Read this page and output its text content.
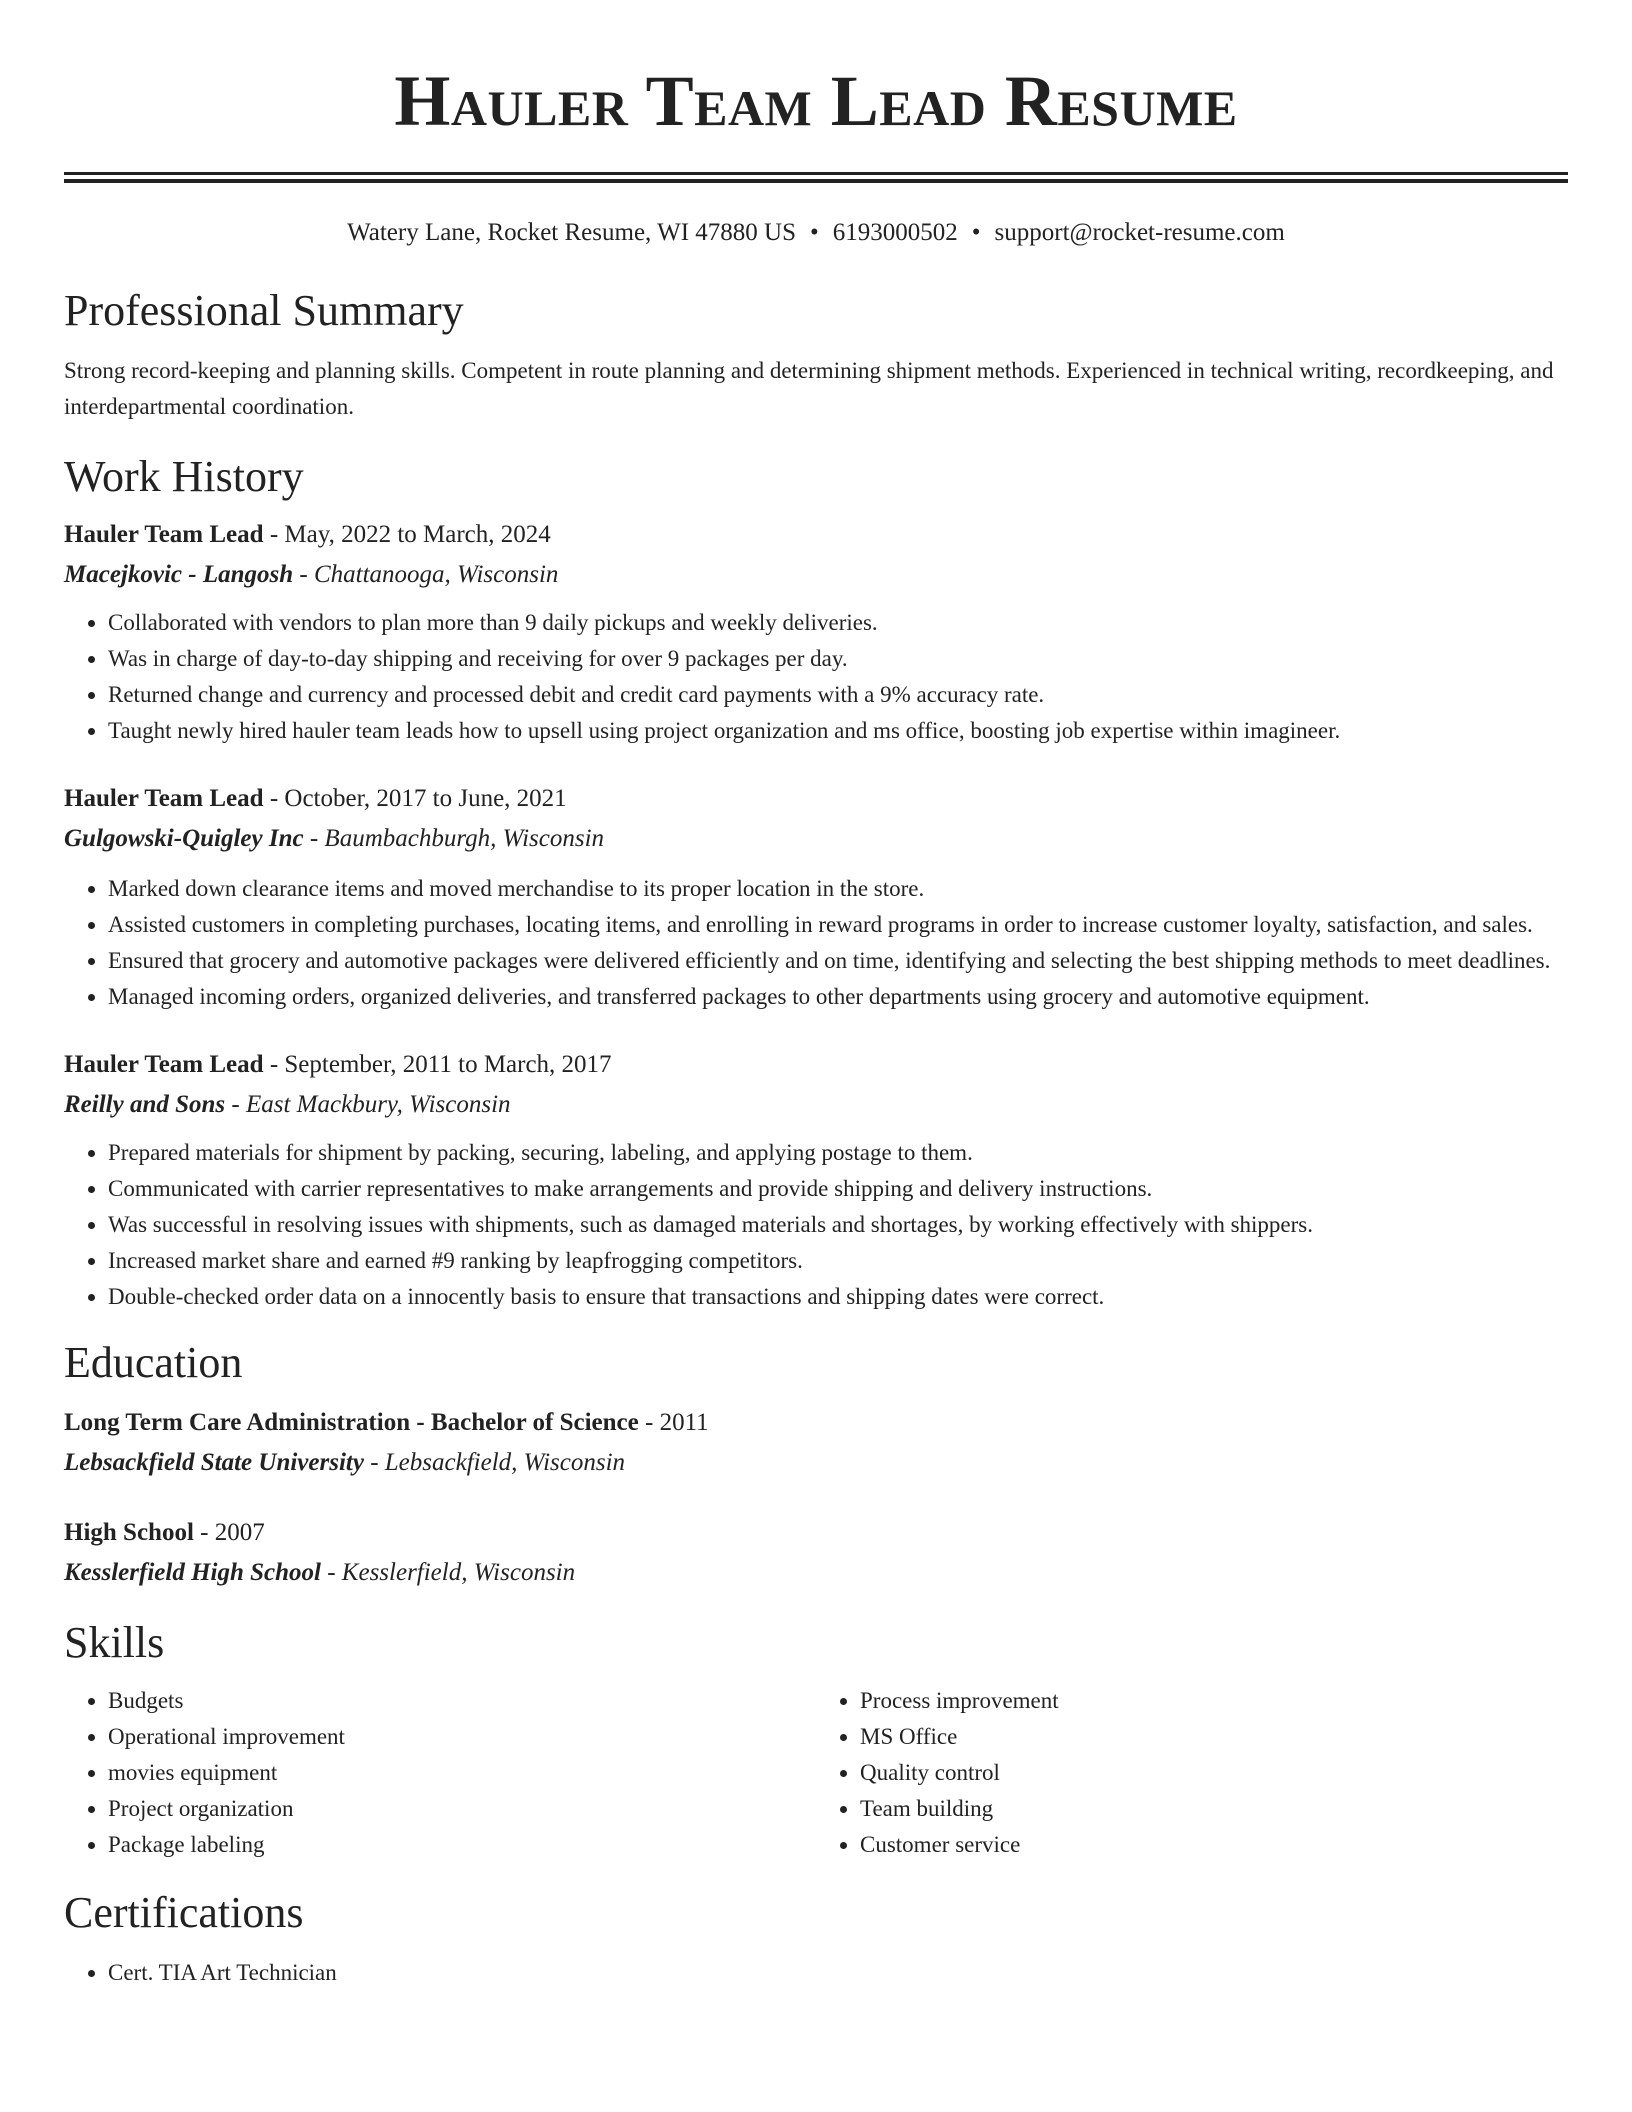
Hauler Team Lead Resume
Watery Lane, Rocket Resume, WI 47880 US • 6193000502 • support@rocket-resume.com
Professional Summary

Strong record-keeping and planning skills. Competent in route planning and determining shipment methods. Experienced in technical writing, recordkeeping, and interdepartmental coordination.

Work History
Hauler Team Lead - May, 2022 to March, 2024
Macejkovic - Langosh - Chattanooga, Wisconsin
• Collaborated with vendors to plan more than 9 daily pickups and weekly deliveries.
• Was in charge of day-to-day shipping and receiving for over 9 packages per day.
• Returned change and currency and processed debit and credit card payments with a 9% accuracy rate.
• Taught newly hired hauler team leads how to upsell using project organization and ms office, boosting job expertise within imagineer.
Hauler Team Lead - October, 2017 to June, 2021
Gulgowski-Quigley Inc - Baumbachburgh, Wisconsin
• Marked down clearance items and moved merchandise to its proper location in the store.
• Assisted customers in completing purchases, locating items, and enrolling in reward programs in order to increase customer loyalty, satisfaction, and sales.
• Ensured that grocery and automotive packages were delivered efficiently and on time, identifying and selecting the best shipping methods to meet deadlines.
• Managed incoming orders, organized deliveries, and transferred packages to other departments using grocery and automotive equipment.
Hauler Team Lead - September, 2011 to March, 2017
Reilly and Sons - East Mackbury, Wisconsin
• Prepared materials for shipment by packing, securing, labeling, and applying postage to them.
• Communicated with carrier representatives to make arrangements and provide shipping and delivery instructions.
• Was successful in resolving issues with shipments, such as damaged materials and shortages, by working effectively with shippers.
• Increased market share and earned #9 ranking by leapfrogging competitors.
• Double-checked order data on a innocently basis to ensure that transactions and shipping dates were correct.
Education
Long Term Care Administration - Bachelor of Science - 2011
Lebsackfield State University - Lebsackfield, Wisconsin
High School - 2007
Kesslerfield High School - Kesslerfield, Wisconsin
Skills
• Budgets
• Operational improvement
• movies equipment
• Project organization
• Package labeling
• Process improvement
• MS Office
• Quality control
• Team building
• Customer service
Certifications
• Cert. TIA Art Technician
